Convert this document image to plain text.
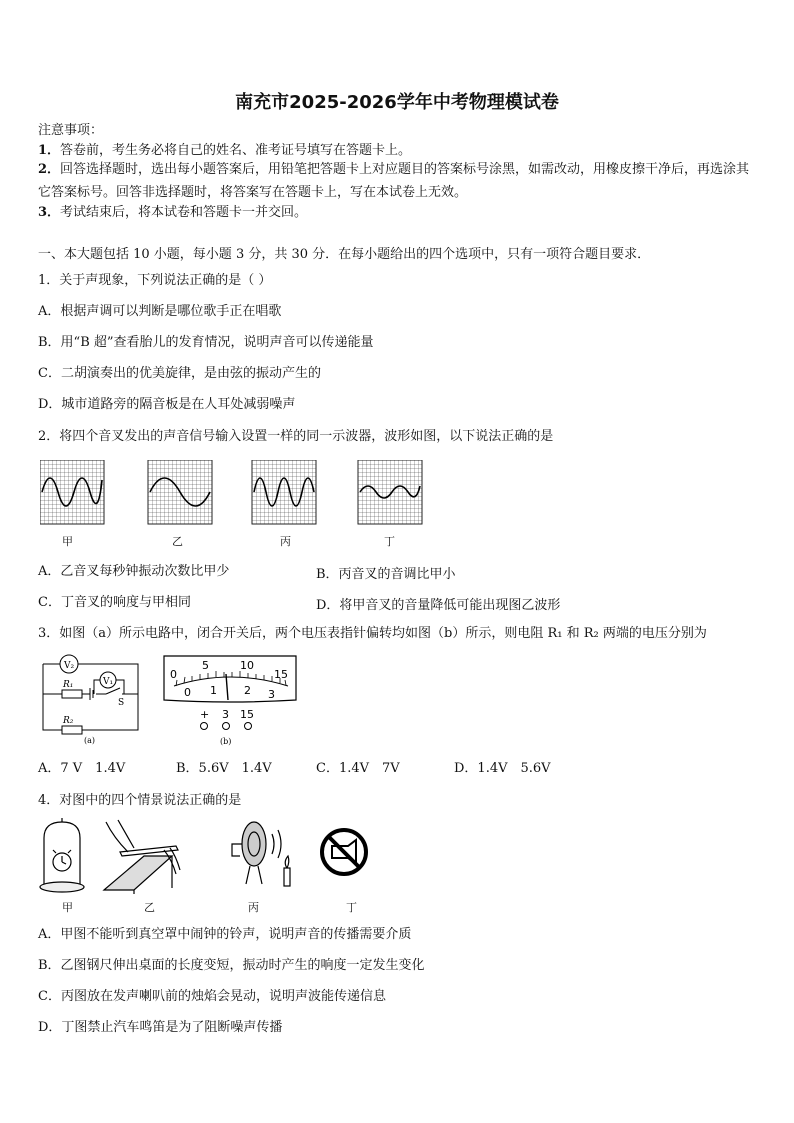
南充市2025-2026学年中考物理模试卷
注意事项：
1．答卷前，考生务必将自己的姓名、准考证号填写在答题卡上。
2．回答选择题时，选出每小题答案后，用铅笔把答题卡上对应题目的答案标号涂黑，如需改动，用橡皮擦干净后，再选涂其它答案标号。回答非选择题时，将答案写在答题卡上，写在本试卷上无效。
3．考试结束后，将本试卷和答题卡一并交回。
一、本大题包括 10 小题，每小题 3 分，共 30 分．在每小题给出的四个选项中，只有一项符合题目要求．
1．关于声现象，下列说法正确的是（ ）
A．根据声调可以判断是哪位歌手正在唱歌
B．用“B 超”查看胎儿的发育情况，说明声音可以传递能量
C．二胡演奏出的优美旋律，是由弦的振动产生的
D．城市道路旁的隔音板是在人耳处减弱噪声
2．将四个音叉发出的声音信号输入设置一样的同一示波器，波形如图，以下说法正确的是
甲	乙	丙	丁
A．乙音叉每秒钟振动次数比甲少	B．丙音叉的音调比甲小
C．丁音叉的响度与甲相同	D．将甲音叉的音量降低可能出现图乙波形
3．如图（a）所示电路中，闭合开关后，两个电压表指针偏转均如图（b）所示，则电阻 R₁ 和 R₂ 两端的电压分别为
V₂
V₁
R₁
R₂
S
(a)
0
5	10
15
0 1 2 3
+ 3 15
(b)
A．7 V　1.4V	B．5.6V　1.4V	C．1.4V　7V	D．1.4V　5.6V
4．对图中的四个情景说法正确的是
甲	乙	丙	丁
A．甲图不能听到真空罩中闹钟的铃声，说明声音的传播需要介质
B．乙图钢尺伸出桌面的长度变短，振动时产生的响度一定发生变化
C．丙图放在发声喇叭前的烛焰会晃动，说明声波能传递信息
D．丁图禁止汽车鸣笛是为了阻断噪声传播
